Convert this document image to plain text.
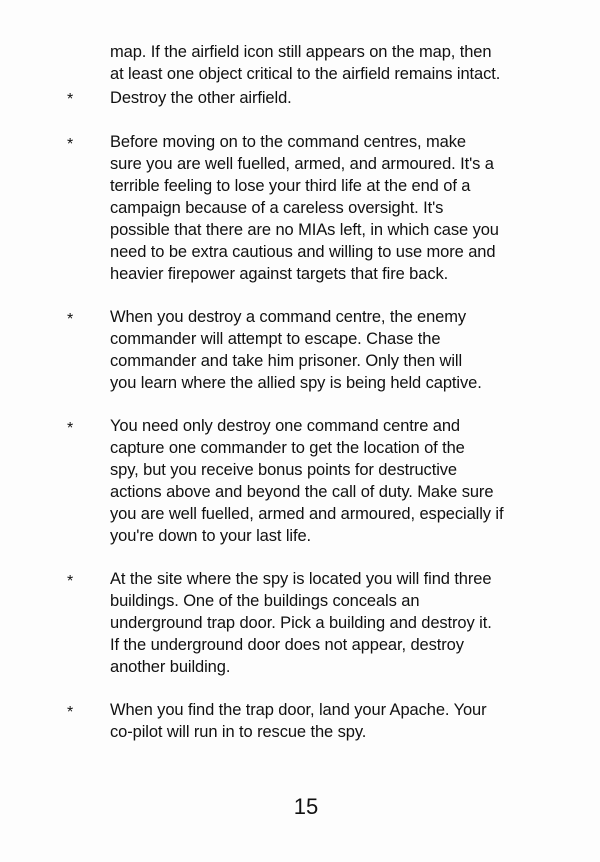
map. If the airfield icon still appears on the map, then
at least one object critical to the airfield remains intact.
* Destroy the other airfield.
* Before moving on to the command centres, make
sure you are well fuelled, armed, and armoured. It's a
terrible feeling to lose your third life at the end of a
campaign because of a careless oversight. It's
possible that there are no MIAs left, in which case you
need to be extra cautious and willing to use more and
heavier firepower against targets that fire back.
* When you destroy a command centre, the enemy
commander will attempt to escape. Chase the
commander and take him prisoner. Only then will
you learn where the allied spy is being held captive.
* You need only destroy one command centre and
capture one commander to get the location of the
spy, but you receive bonus points for destructive
actions above and beyond the call of duty. Make sure
you are well fuelled, armed and armoured, especially if
you're down to your last life.
* At the site where the spy is located you will find three
buildings. One of the buildings conceals an
underground trap door. Pick a building and destroy it.
If the underground door does not appear, destroy
another building.
* When you find the trap door, land your Apache. Your
co-pilot will run in to rescue the spy.
15
